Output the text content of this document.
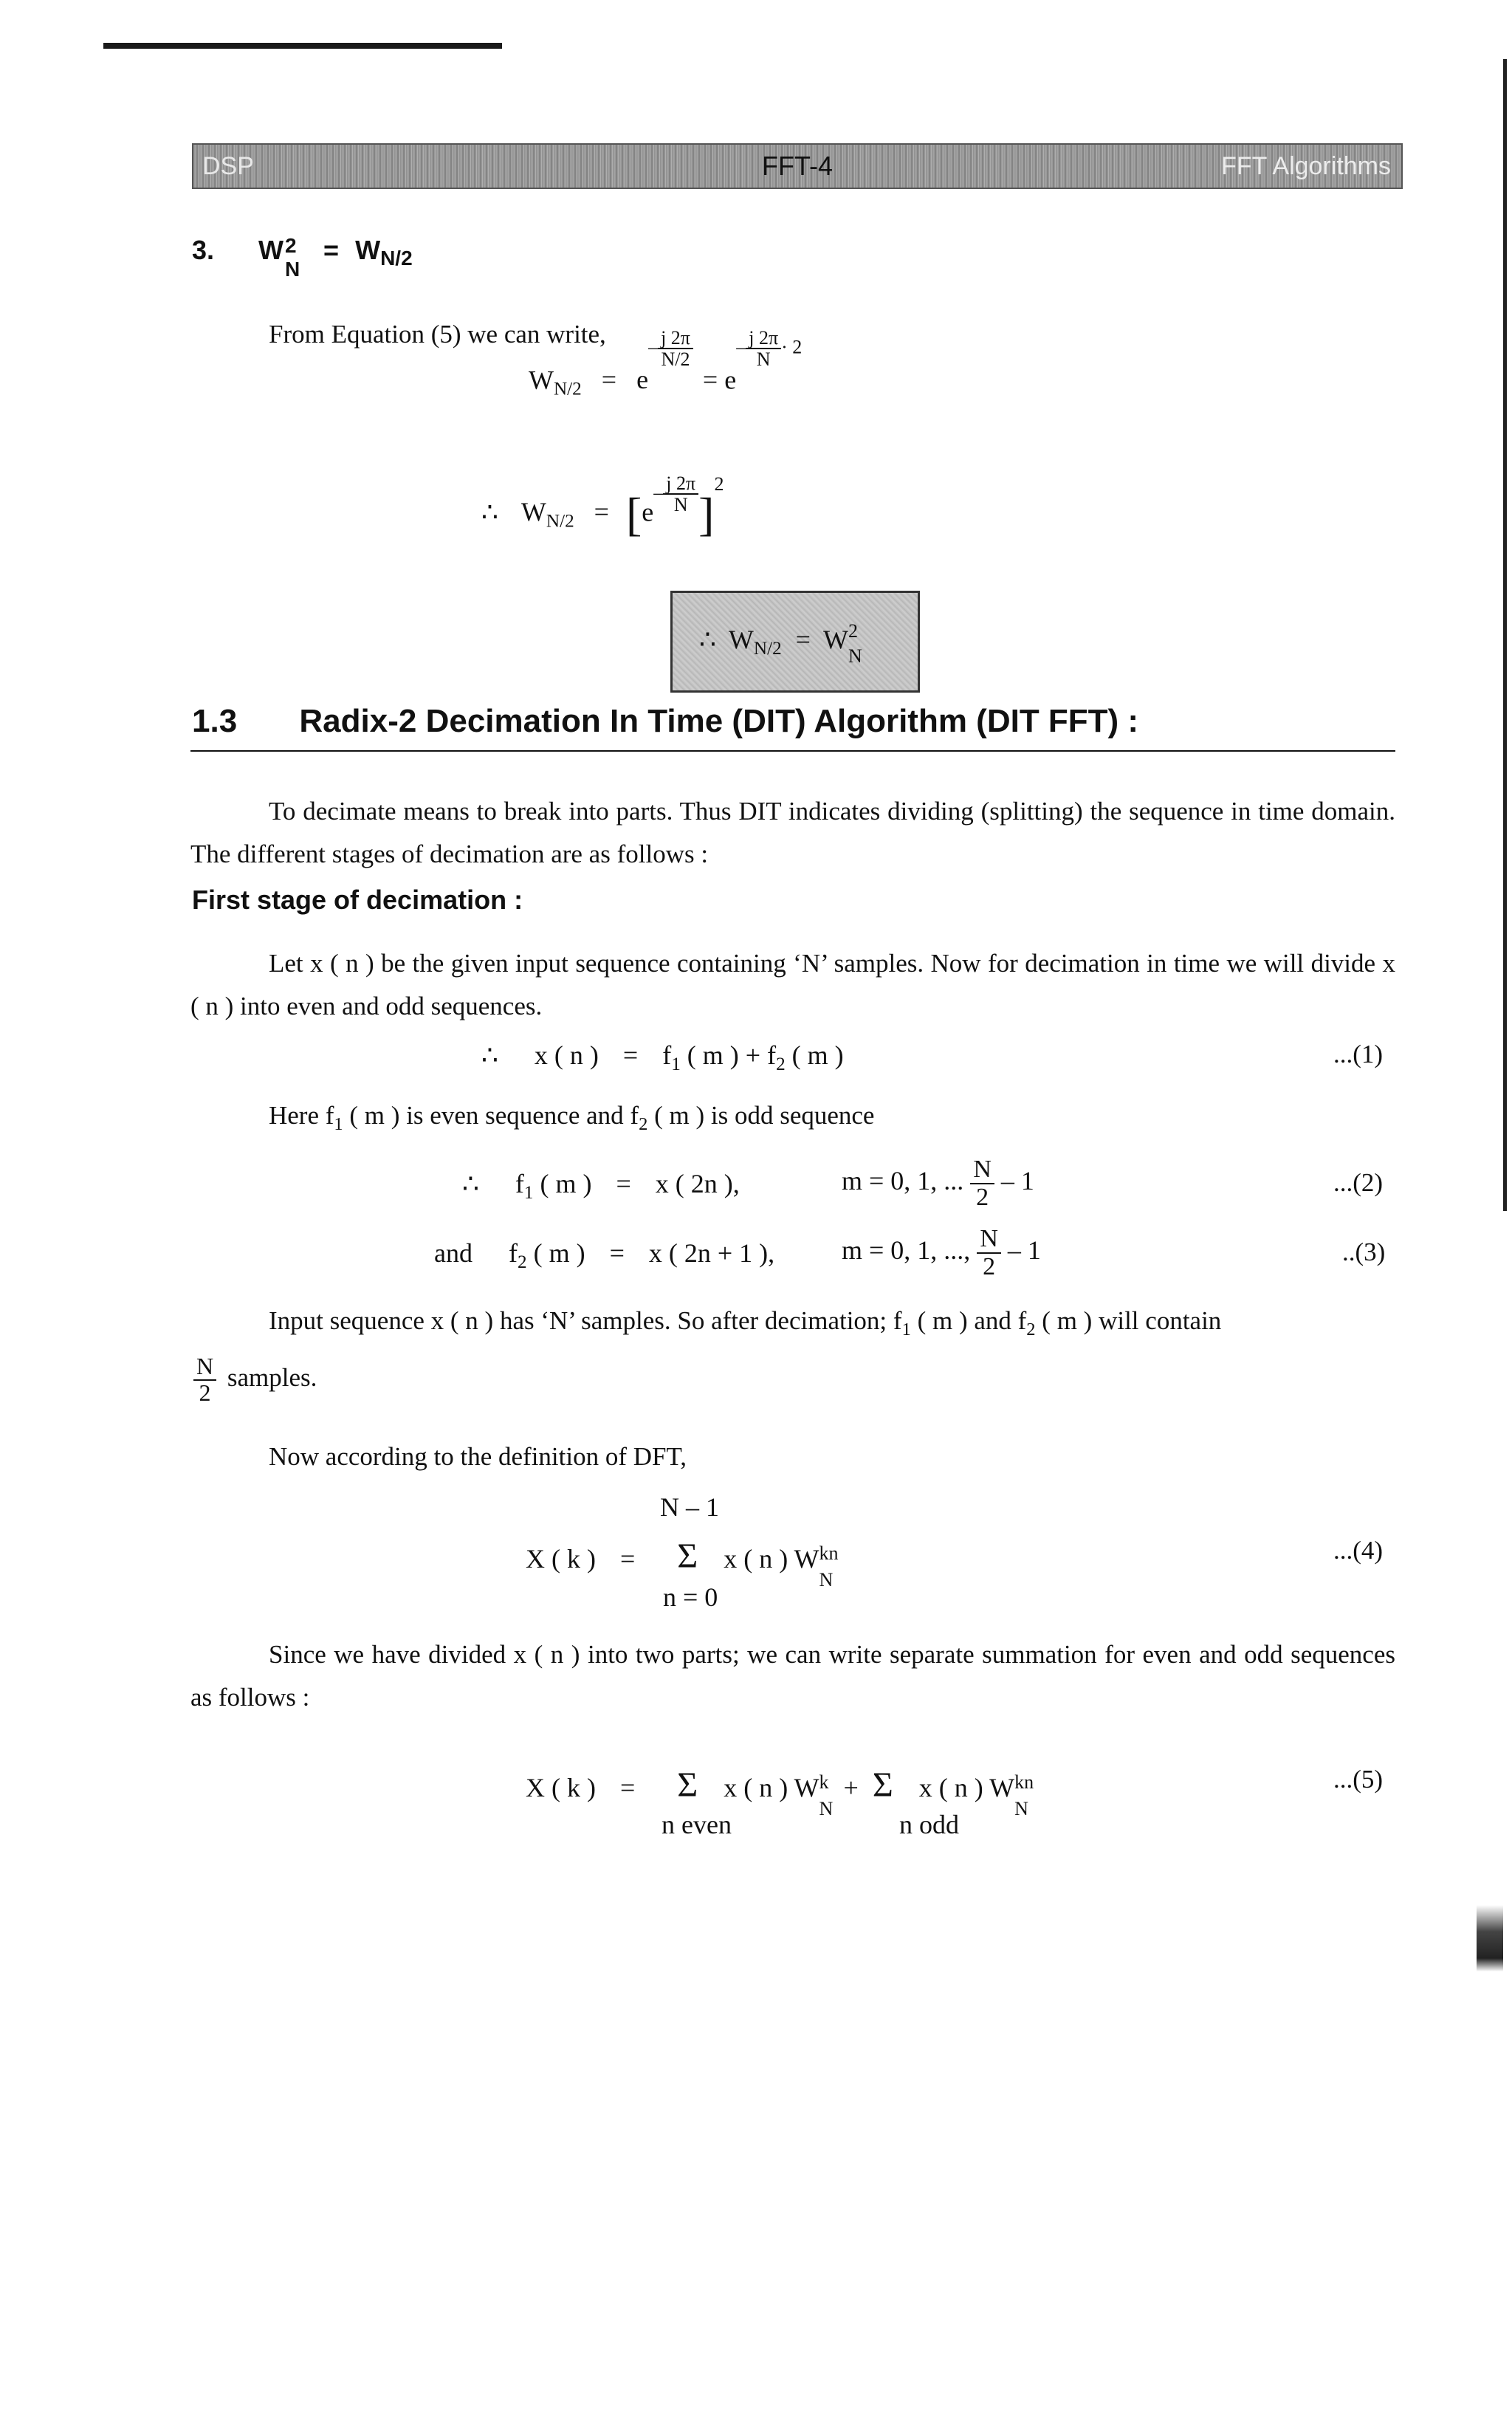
DSP	FFT-4	FFT Algorithms
3. W 2
N
= $W_{N/2}$
From Equation (5) we can write,
$W_{N/2} = e- \frac{j 2\pi}{N/2}$
= $e- \frac{j 2\pi}{N} \cdot 2$
∴ $W_{N/2} = [e- \frac{j 2\pi}{N} ]^2$
∴ $W_{N/2} = W$ 2
N
1.3 Radix-2 Decimation In Time (DIT) Algorithm (DIT FFT) :
To decimate means to break into parts. Thus DIT indicates dividing (splitting) the sequence in time domain. The different stages of decimation are as follows :
First stage of decimation :
Let x ( n ) be the given input sequence containing ‘N’ samples. Now for decimation in time we will divide x ( n ) into even and odd sequences.
∴ x ( n ) = $f_1$ ( m ) + $f_2$ ( m )	...(1)
Here $f_1$ ( m ) is even sequence and $f_2$ ( m ) is odd sequence
∴ $f_1$ ( m ) = x ( 2n ),	m = 0, 1, ... $\frac{N}{2} - 1$	...(2)
and $f_2$ ( m ) = x ( 2n + 1 ),	m = 0, 1, ..., $\frac{N}{2} - 1$	..(3)
Input sequence x ( n ) has ‘N’ samples. So after decimation; $f_1$ ( m ) and $f_2$ ( m ) will contain
$\frac{N}{2}$ samples.
Now according to the definition of DFT,
N – 1
X ( k ) = Σ x ( n ) W kn
N
n = 0
...(4)
Since we have divided x ( n ) into two parts; we can write separate summation for even and odd sequences as follows :
X ( k ) = Σ x ( n ) W k
N
+ Σ x ( n ) W kn
N
n even	n odd
...(5)
